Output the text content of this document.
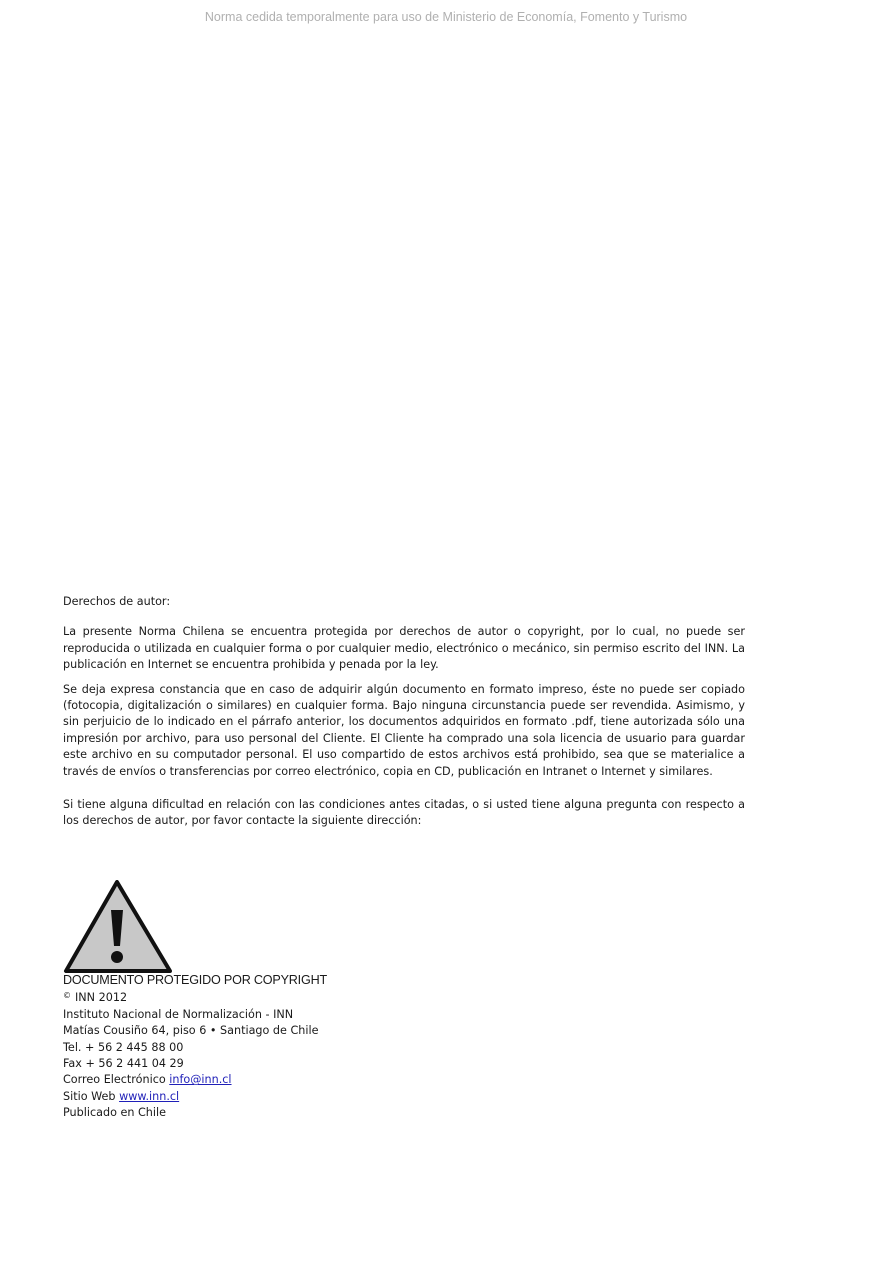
Norma cedida temporalmente para uso de Ministerio de Economía, Fomento y Turismo

Derechos de autor:

La presente Norma Chilena se encuentra protegida por derechos de autor o copyright, por lo cual, no puede ser reproducida o utilizada en cualquier forma o por cualquier medio, electrónico o mecánico, sin permiso escrito del INN. La publicación en Internet se encuentra prohibida y penada por la ley.

Se deja expresa constancia que en caso de adquirir algún documento en formato impreso, éste no puede ser copiado (fotocopia, digitalización o similares) en cualquier forma. Bajo ninguna circunstancia puede ser revendida. Asimismo, y sin perjuicio de lo indicado en el párrafo anterior, los documentos adquiridos en formato .pdf, tiene autorizada sólo una impresión por archivo, para uso personal del Cliente. El Cliente ha comprado una sola licencia de usuario para guardar este archivo en su computador personal. El uso compartido de estos archivos está prohibido, sea que se materialice a través de envíos o transferencias por correo electrónico, copia en CD, publicación en Intranet o Internet y similares.

Si tiene alguna dificultad en relación con las condiciones antes citadas, o si usted tiene alguna pregunta con respecto a los derechos de autor, por favor contacte la siguiente dirección:

DOCUMENTO PROTEGIDO POR COPYRIGHT
© INN 2012
Instituto Nacional de Normalización - INN
Matías Cousiño 64, piso 6 • Santiago de Chile
Tel. + 56 2 445 88 00
Fax + 56 2 441 04 29
Correo Electrónico info@inn.cl
Sitio Web www.inn.cl
Publicado en Chile
